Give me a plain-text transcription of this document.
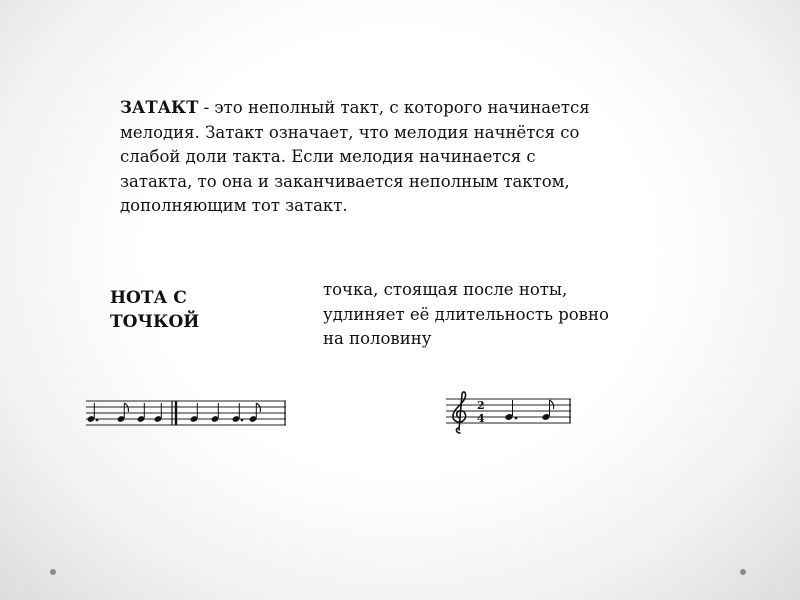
ЗАТАКТ - это неполный такт, с которого начинается мелодия. Затакт означает, что мелодия начнётся со слабой доли такта. Если мелодия начинается с затакта, то она и заканчивается неполным тактом, дополняющим тот затакт.

НОТА С ТОЧКОЙ

точка, стоящая после ноты, удлиняет её длительность ровно на половину

2
4
